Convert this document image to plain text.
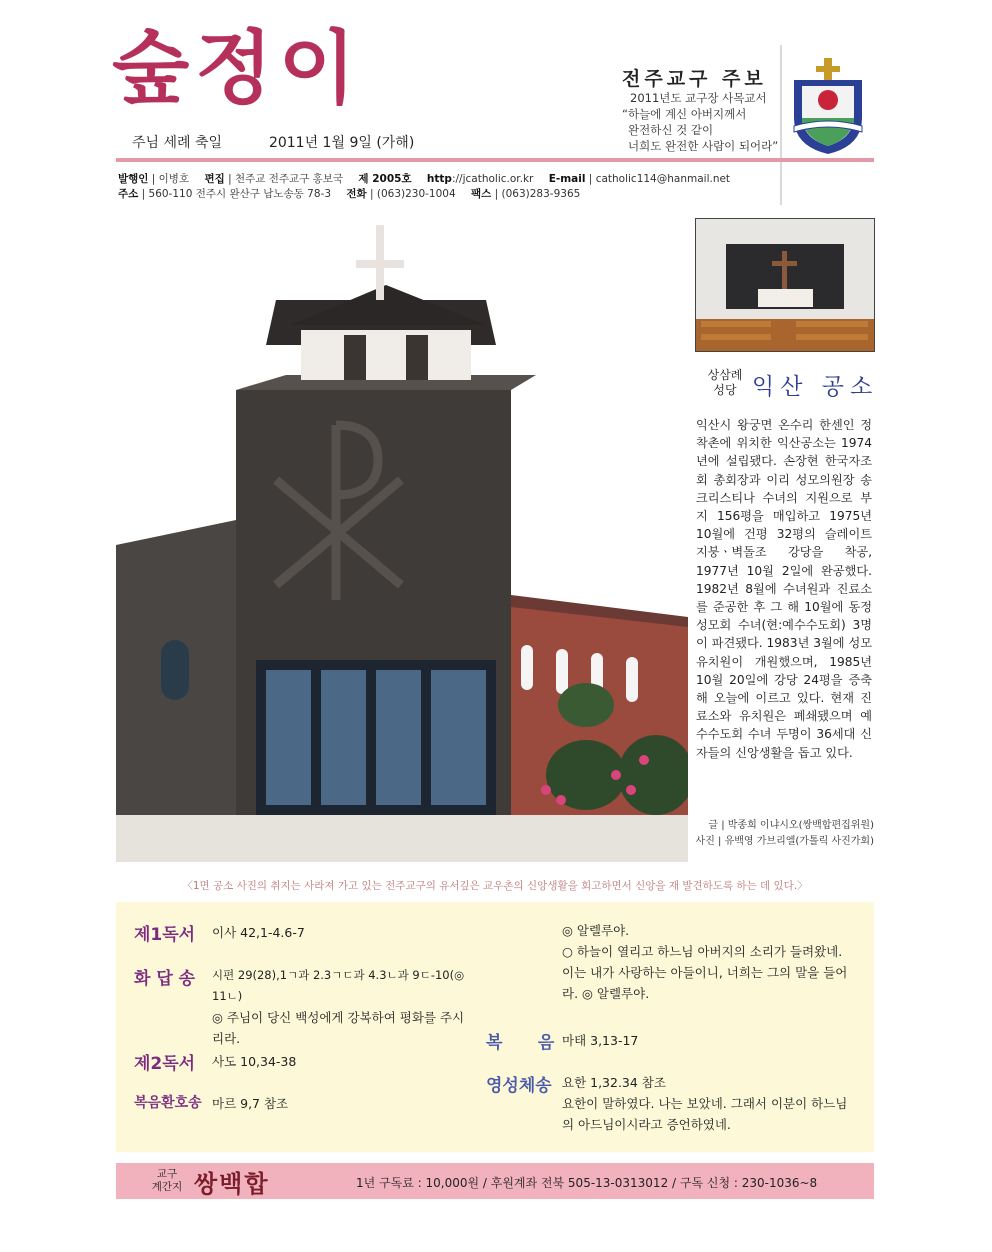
숲정이
주님 세례 축일	2011년 1월 9일 (가해)
전주교구 주보
2011년도 교구장 사목교서
“하늘에 계신 아버지께서
완전하신 것 같이
너희도 완전한 사람이 되어라”
발행인 | 이병호 편집 | 천주교 전주교구 홍보국 제 2005호 http://jcatholic.or.kr E-mail | catholic114@hanmail.net
주소 | 560-110 전주시 완산구 남노송동 78-3 전화 | (063)230-1004 팩스 | (063)283-9365
상삼례
성당 익산 공소
익산시 왕궁면 온수리 한센인 정착촌에 위치한 익산공소는 1974년에 설립됐다. 손장현 한국자조회 총회장과 이리 성모의원장 송 크리스티나 수녀의 지원으로 부지 156평을 매입하고 1975년 10월에 건평 32평의 슬레이트 지붕ㆍ벽돌조 강당을 착공, 1977년 10월 2일에 완공했다. 1982년 8월에 수녀원과 진료소를 준공한 후 그 해 10월에 동정성모회 수녀(현:예수수도회) 3명이 파견됐다. 1983년 3월에 성모유치원이 개원했으며, 1985년 10월 20일에 강당 24평을 증축해 오늘에 이르고 있다. 현재 진료소와 유치원은 폐쇄됐으며 예수수도회 수녀 두명이 36세대 신자들의 신앙생활을 돕고 있다.
글 | 박종희 이냐시오(쌍백합편집위원)
사진 | 유백영 가브리엘(가톨릭 사진가회)
〈1면 공소 사진의 취지는 사라져 가고 있는 전주교구의 유서깊은 교우촌의 신앙생활을 회고하면서 신앙을 재 발견하도록 하는 데 있다.〉
제1독서 이사 42,1-4.6-7
화 답 송 시편 29(28),1ㄱ과 2.3ㄱㄷ과 4.3ㄴ과 9ㄷ-10(◎ 11ㄴ)
◎ 주님이 당신 백성에게 강복하여 평화를 주시리라.
제2독서 사도 10,34-38
복음환호송 마르 9,7 참조
◎ 알렐루야.
○ 하늘이 열리고 하느님 아버지의 소리가 들려왔네. 이는 내가 사랑하는 아들이니, 너희는 그의 말을 들어라. ◎ 알렐루야.
복      음 마태 3,13-17
영성체송 요한 1,32.34 참조
요한이 말하였다. 나는 보았네. 그래서 이분이 하느님의 아드님이시라고 증언하였네.
교구
계간지 쌍백합	1년 구독료 : 10,000원 / 후원계좌 전북 505-13-0313012 / 구독 신청 : 230-1036~8
